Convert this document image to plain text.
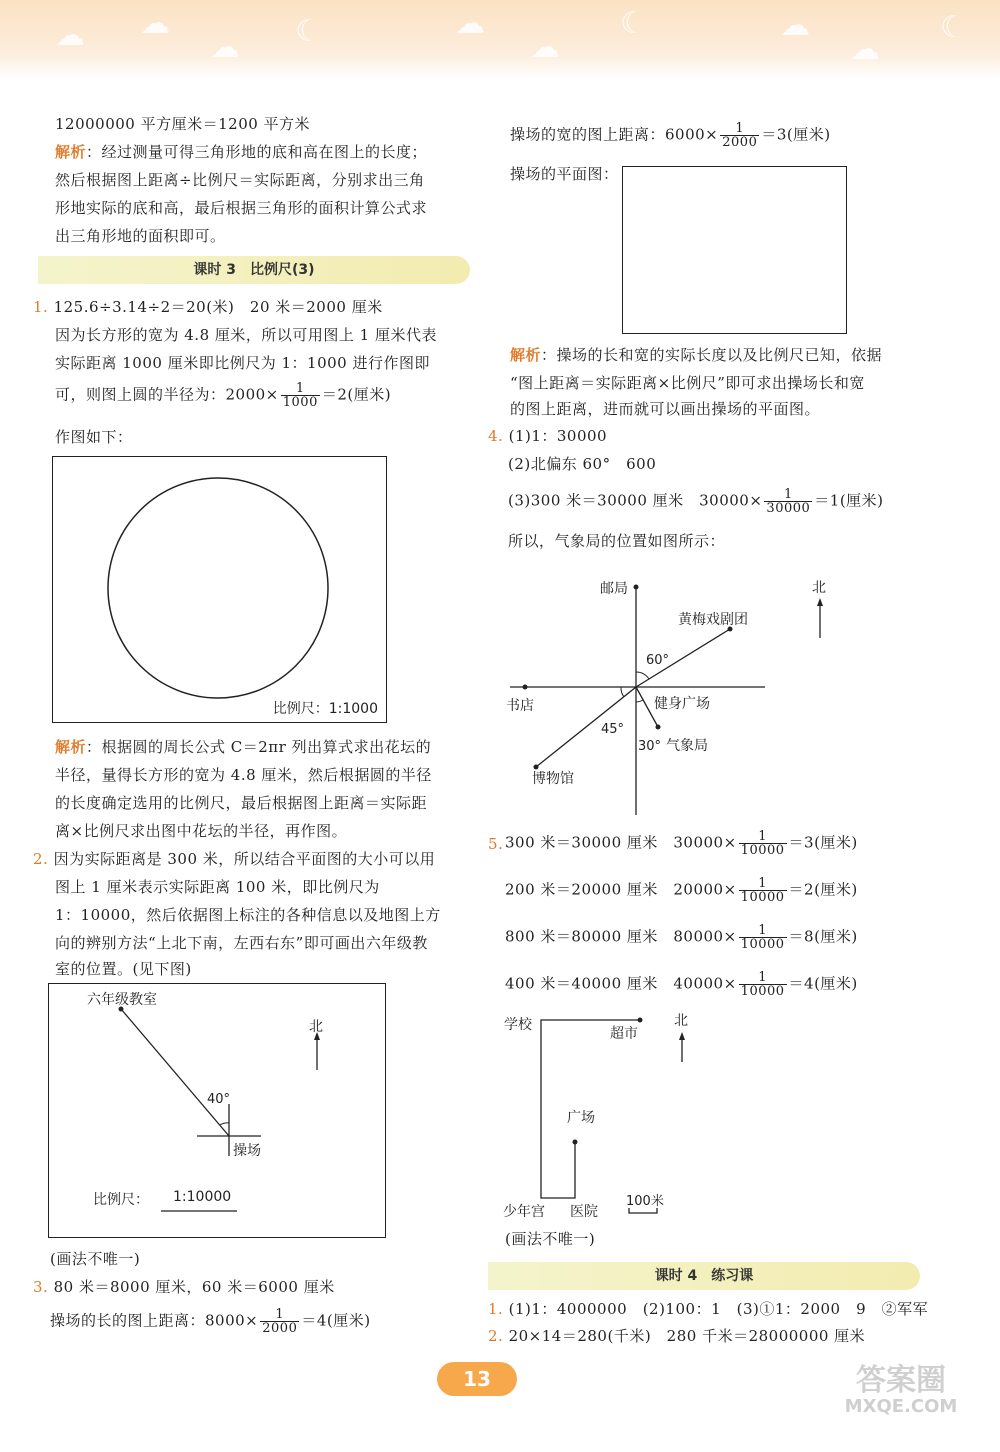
☁ ☁	☾	☁	☾	☁	☾
☁	☁	☁
12000000 平方厘米＝1200 平方米
解析：经过测量可得三角形地的底和高在图上的长度；
然后根据图上距离÷比例尺＝实际距离，分别求出三角
形地实际的底和高，最后根据三角形的面积计算公式求
出三角形地的面积即可。
课时 3　比例尺(3)
1. 125.6÷3.14÷2＝20(米)　20 米＝2000 厘米
因为长方形的宽为 4.8 厘米，所以可用图上 1 厘米代表
实际距离 1000 厘米即比例尺为 1：1000 进行作图即
可，则图上圆的半径为：$2000\times \frac{1}{1000} =2$(厘米)
作图如下：
比例尺：1:1000
解析：根据圆的周长公式 C＝2πr 列出算式求出花坛的
半径，量得长方形的宽为 4.8 厘米，然后根据圆的半径
的长度确定选用的比例尺，最后根据图上距离＝实际距
离×比例尺求出图中花坛的半径，再作图。
2. 因为实际距离是 300 米，所以结合平面图的大小可以用
图上 1 厘米表示实际距离 100 米，即比例尺为
1：10000，然后依据图上标注的各种信息以及地图上方
向的辨别方法“上北下南，左西右东”即可画出六年级教
室的位置。(见下图)
六年级教室
北
40°
操场
比例尺： 1:10000
(画法不唯一)
3. 80 米＝8000 厘米，60 米＝6000 厘米
操场的长的图上距离：$8000\times \frac{1}{2000} =4$(厘米)
操场的宽的图上距离：$6000\times \frac{1}{2000} =3$(厘米)
操场的平面图：
解析：操场的长和宽的实际长度以及比例尺已知，依据
“图上距离＝实际距离×比例尺”即可求出操场长和宽
的图上距离，进而就可以画出操场的平面图。
4. (1)1：30000
(2)北偏东 60°　600
(3)300 米＝30000 厘米　$30000\times \frac{1}{30000} =1$(厘米)
所以，气象局的位置如图所示：
邮局
黄梅戏剧团
60°
书店	健身广场
45°
30° 气象局
博物馆
北
5. 300 米＝30000 厘米　$30000\times \frac{1}{10000} =3$(厘米)
200 米＝20000 厘米　$20000\times \frac{1}{10000} =2$(厘米)
800 米＝80000 厘米　$80000\times \frac{1}{10000} =8$(厘米)
400 米＝40000 厘米　$40000\times \frac{1}{10000} =4$(厘米)
学校
超市
北
广场
少年宫 医院
100米
(画法不唯一)
课时 4　练习课
1. (1)1：4000000　(2)100：1　(3)①1：2000　9　②军军
2. 20×14＝280(千米)　280 千米＝28000000 厘米
13	答案圈
MXQE.COM
